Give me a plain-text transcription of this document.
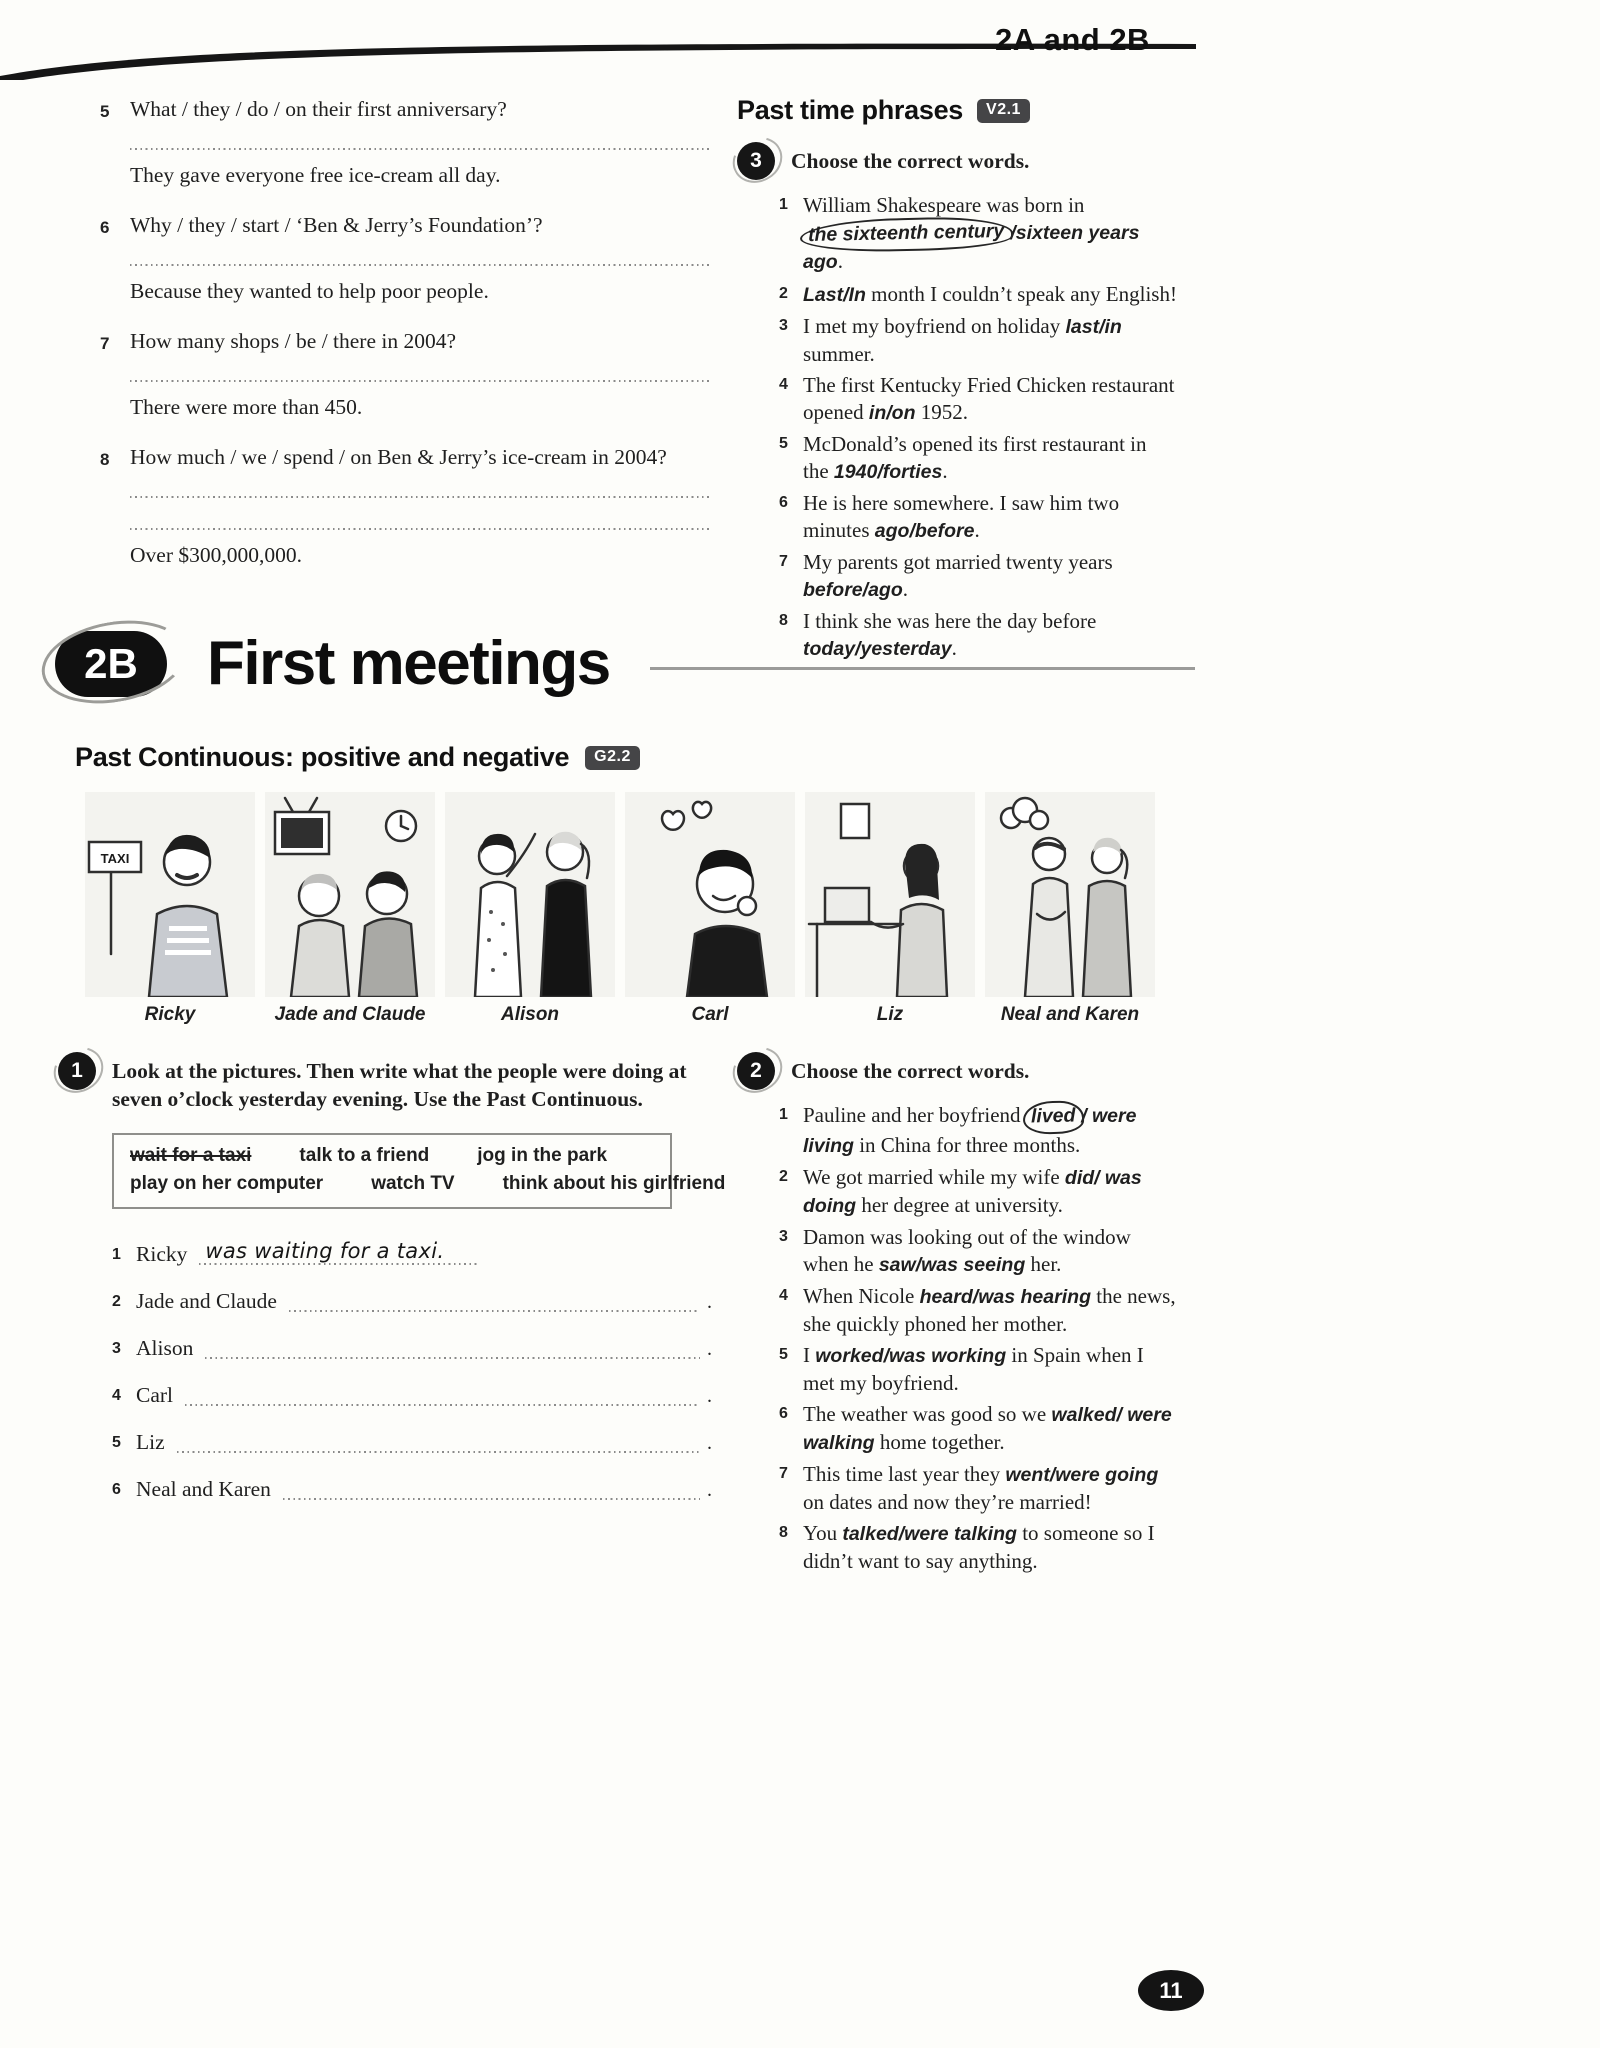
2A and 2B
5 What / they / do / on their first anniversary?
They gave everyone free ice-cream all day.
6 Why / they / start / ‘Ben & Jerry’s Foundation’?
Because they wanted to help poor people.
7 How many shops / be / there in 2004?
There were more than 450.
8 How much / we / spend / on Ben & Jerry’s ice-cream in 2004?
Over $300,000,000.
Past time phrases	V2.1
3	Choose the correct words.
1 William Shakespeare was born in the sixteenth century /sixteen years ago.
2 Last/In month I couldn’t speak any English!
3 I met my boyfriend on holiday last/in summer.
4 The first Kentucky Fried Chicken restaurant opened in/on 1952.
5 McDonald’s opened its first restaurant in the 1940/forties.
6 He is here somewhere. I saw him two minutes ago/before.
7 My parents got married twenty years before/ago.
8 I think she was here the day before today/yesterday.
2B	First meetings
Past Continuous: positive and negative	G2.2
TAXI
Ricky	Jade and Claude	Alison	Carl	Liz	Neal and Karen
1	Look at the pictures. Then write what the people were doing at seven o’clock yesterday evening. Use the Past Continuous.
wait for a taxi	talk to a friend	jog in the park
play on her computer	watch TV	think about his girlfriend
1 Ricky was waiting for a taxi.
2 Jade and Claude	.
3 Alison	.
4 Carl	.
5 Liz	.
6 Neal and Karen	.
2	Choose the correct words.
1 Pauline and her boyfriend lived / were living in China for three months.
2 We got married while my wife did/ was doing her degree at university.
3 Damon was looking out of the window when he saw/was seeing her.
4 When Nicole heard/was hearing the news, she quickly phoned her mother.
5 I worked/was working in Spain when I met my boyfriend.
6 The weather was good so we walked/ were walking home together.
7 This time last year they went/were going on dates and now they’re married!
8 You talked/were talking to someone so I didn’t want to say anything.
11
